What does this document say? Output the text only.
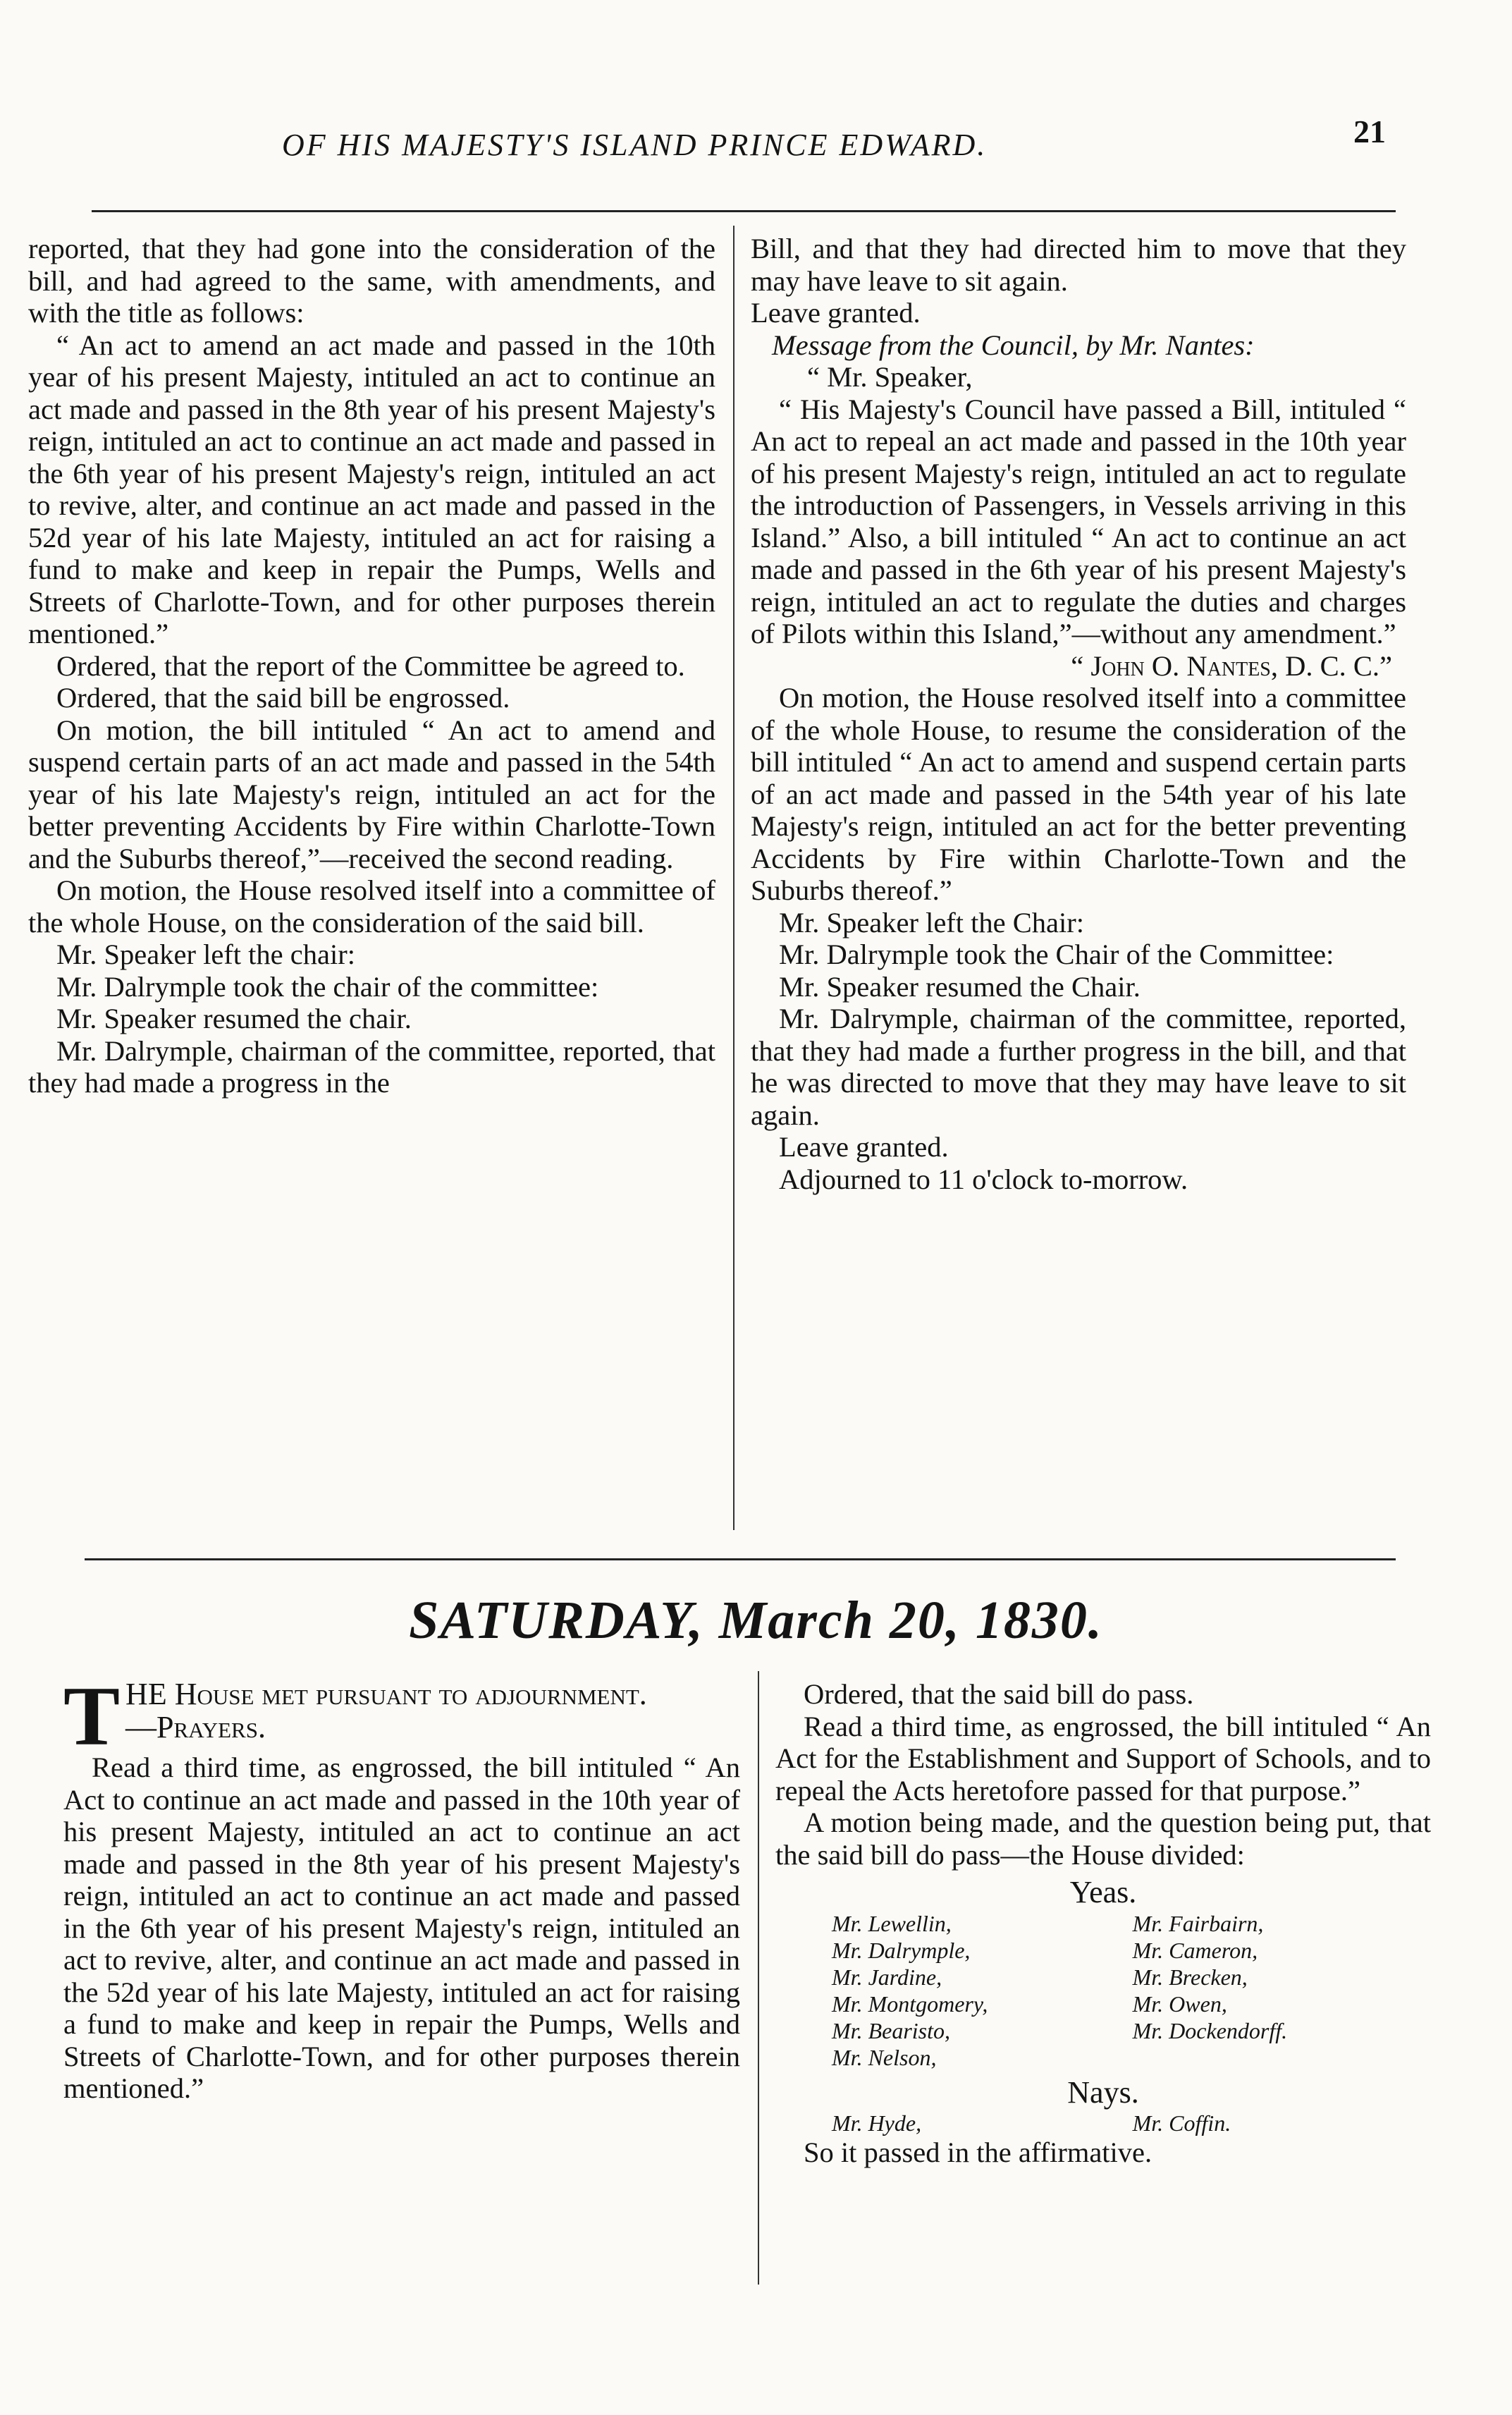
OF HIS MAJESTY'S ISLAND PRINCE EDWARD.	21

reported, that they had gone into the consideration of the bill, and had agreed to the same, with amendments, and with the title as follows:

“ An act to amend an act made and passed in the 10th year of his present Majesty, intituled an act to continue an act made and passed in the 8th year of his present Majesty's reign, intituled an act to continue an act made and passed in the 6th year of his present Majesty's reign, intituled an act to revive, alter, and continue an act made and passed in the 52d year of his late Majesty, intituled an act for raising a fund to make and keep in repair the Pumps, Wells and Streets of Charlotte-Town, and for other purposes therein mentioned.”

Ordered, that the report of the Committee be agreed to.

Ordered, that the said bill be engrossed.

On motion, the bill intituled “ An act to amend and suspend certain parts of an act made and passed in the 54th year of his late Majesty's reign, intituled an act for the better preventing Accidents by Fire within Charlotte-Town and the Suburbs thereof,”—received the second reading.

On motion, the House resolved itself into a committee of the whole House, on the consideration of the said bill.

Mr. Speaker left the chair:

Mr. Dalrymple took the chair of the committee:

Mr. Speaker resumed the chair.

Mr. Dalrymple, chairman of the committee, reported, that they had made a progress in the

Bill, and that they had directed him to move that they may have leave to sit again.

Leave granted.

Message from the Council, by Mr. Nantes:

“ Mr. Speaker,

“ His Majesty's Council have passed a Bill, intituled “ An act to repeal an act made and passed in the 10th year of his present Majesty's reign, intituled an act to regulate the introduction of Passengers, in Vessels arriving in this Island.” Also, a bill intituled “ An act to continue an act made and passed in the 6th year of his present Majesty's reign, intituled an act to regulate the duties and charges of Pilots within this Island,”—without any amendment.”

“ John O. Nantes, D. C. C.”

On motion, the House resolved itself into a committee of the whole House, to resume the consideration of the bill intituled “ An act to amend and suspend certain parts of an act made and passed in the 54th year of his late Majesty's reign, intituled an act for the better preventing Accidents by Fire within Charlotte-Town and the Suburbs thereof.”

Mr. Speaker left the Chair:

Mr. Dalrymple took the Chair of the Committee:

Mr. Speaker resumed the Chair.

Mr. Dalrymple, chairman of the committee, reported, that they had made a further progress in the bill, and that he was directed to move that they may have leave to sit again.

Leave granted.

Adjourned to 11 o'clock to-morrow.

SATURDAY, March 20, 1830.

THE House met pursuant to adjournment.
—Prayers.

Read a third time, as engrossed, the bill intituled “ An Act to continue an act made and passed in the 10th year of his present Majesty, intituled an act to continue an act made and passed in the 8th year of his present Majesty's reign, intituled an act to continue an act made and passed in the 6th year of his present Majesty's reign, intituled an act to revive, alter, and continue an act made and passed in the 52d year of his late Majesty, intituled an act for raising a fund to make and keep in repair the Pumps, Wells and Streets of Charlotte-Town, and for other purposes therein mentioned.”

Ordered, that the said bill do pass.

Read a third time, as engrossed, the bill intituled “ An Act for the Establishment and Support of Schools, and to repeal the Acts heretofore passed for that purpose.”

A motion being made, and the question being put, that the said bill do pass—the House divided:

Yeas.
Mr. Lewellin,	Mr. Fairbairn,
Mr. Dalrymple,	Mr. Cameron,
Mr. Jardine,	Mr. Brecken,
Mr. Montgomery,	Mr. Owen,
Mr. Bearisto,	Mr. Dockendorff.
Mr. Nelson,
Nays.
Mr. Hyde,	Mr. Coffin.

So it passed in the affirmative.
